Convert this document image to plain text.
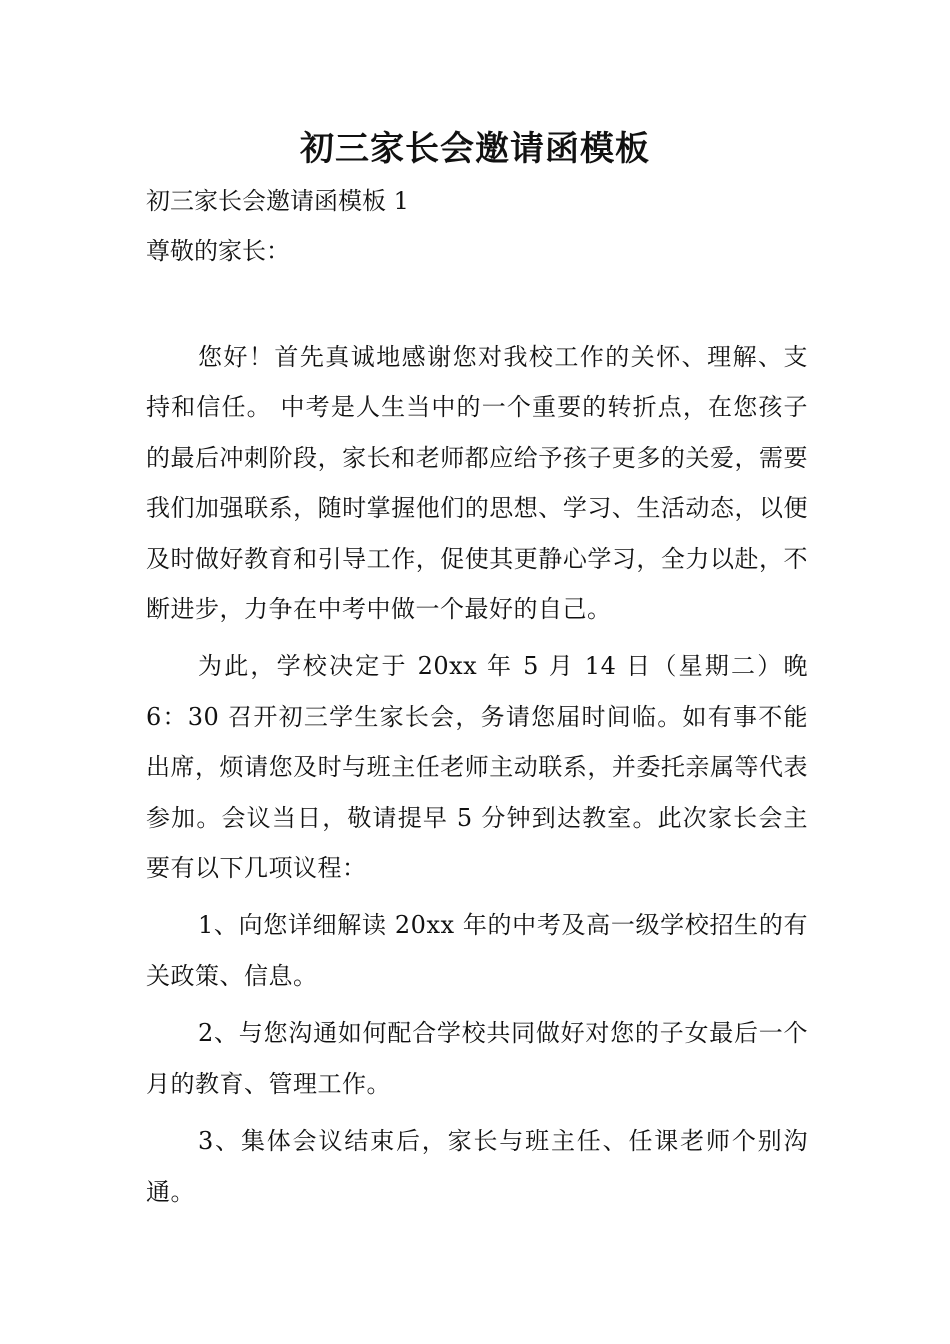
初三家长会邀请函模板
初三家长会邀请函模板 1
尊敬的家长：

您好！首先真诚地感谢您对我校工作的关怀、理解、支持和信任。 中考是人生当中的一个重要的转折点，在您孩子的最后冲刺阶段，家长和老师都应给予孩子更多的关爱，需要我们加强联系，随时掌握他们的思想、学习、生活动态，以便及时做好教育和引导工作，促使其更静心学习，全力以赴，不断进步，力争在中考中做一个最好的自己。

为此，学校决定于 20xx 年 5 月 14 日（星期二）晚 6：30 召开初三学生家长会，务请您届时间临。如有事不能出席，烦请您及时与班主任老师主动联系，并委托亲属等代表参加。会议当日，敬请提早 5 分钟到达教室。此次家长会主要有以下几项议程：

1、向您详细解读 20xx 年的中考及高一级学校招生的有关政策、信息。

2、与您沟通如何配合学校共同做好对您的子女最后一个月的教育、管理工作。

3、集体会议结束后，家长与班主任、任课老师个别沟通。
